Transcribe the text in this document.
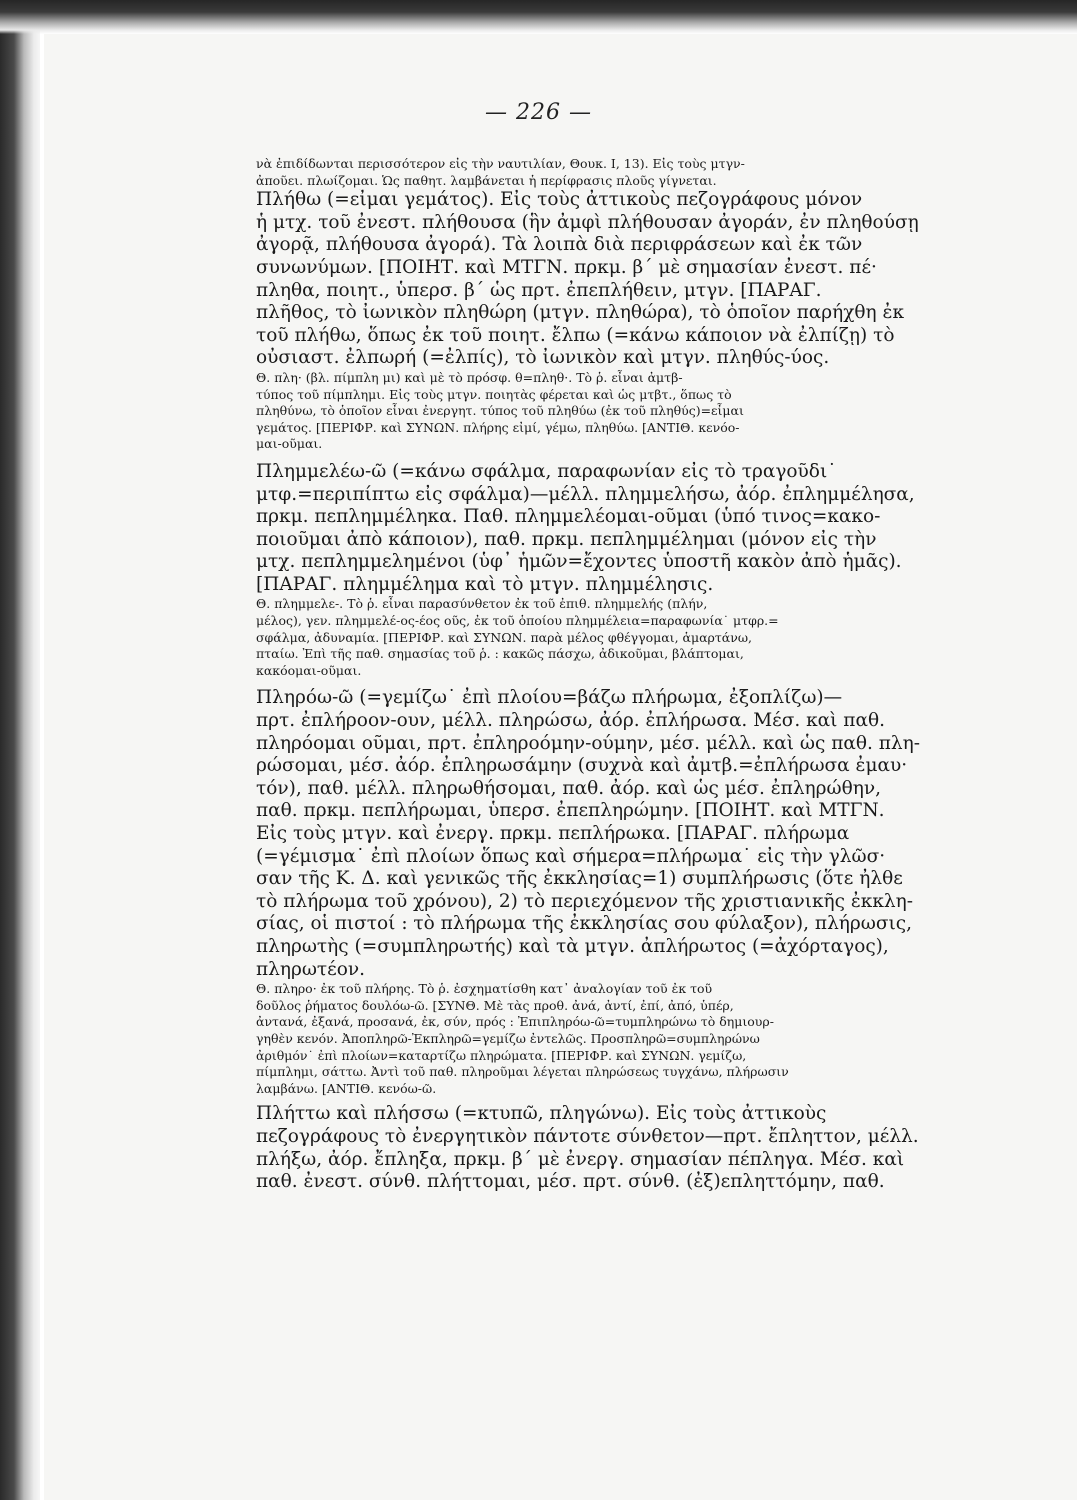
— 226 —
νὰ ἐπιδίδωνται περισσότερον εἰς τὴν ναυτιλίαν, Θουκ. Ι, 13). Εἰς τοὺς μτγν-
ἀποῦει. πλωίζομαι. Ὡς παθητ. λαμβάνεται ἡ περίφρασις πλοῦς γίγνεται.
Πλήθω (=εἶμαι γεμάτος). Εἰς τοὺς ἀττικοὺς πεζογράφους μόνον
ἡ μτχ. τοῦ ἐνεστ. πλήθουσα (ἣν ἀμφὶ πλήθουσαν ἀγοράν, ἐν πληθούσῃ
ἀγορᾷ, πλήθουσα ἀγορά). Τὰ λοιπὰ διὰ περιφράσεων καὶ ἐκ τῶν
συνωνύμων. [ΠΟΙΗΤ. καὶ ΜΤΓΝ. πρκμ. β΄ μὲ σημασίαν ἐνεστ. πέ·
πληθα, ποιητ., ὑπερσ. β΄ ὡς πρτ. ἐπεπλήθειν, μτγν. [ΠΑΡΑΓ.
πλῆθος, τὸ ἰωνικὸν πληθώρη (μτγν. πληθώρα), τὸ ὁποῖον παρήχθη ἐκ
τοῦ πλήθω, ὅπως ἐκ τοῦ ποιητ. ἔλπω (=κάνω κάποιον νὰ ἐλπίζῃ) τὸ
οὐσιαστ. ἐλπωρή (=ἐλπίς), τὸ ἰωνικὸν καὶ μτγν. πληθύς-ύος.
Θ. πλη· (βλ. πίμπλη μι) καὶ μὲ τὸ πρόσφ. θ=πληθ·. Τὸ ῥ. εἶναι ἀμτβ-
τύπος τοῦ πίμπλημι. Εἰς τοὺς μτγν. ποιητὰς φέρεται καὶ ὡς μτβτ., ὅπως τὸ
πληθύνω, τὸ ὁποῖον εἶναι ἐνεργητ. τύπος τοῦ πληθύω (ἐκ τοῦ πληθύς)=εἶμαι
γεμάτος. [ΠΕΡΙΦΡ. καὶ ΣΥΝΩΝ. πλήρης εἰμί, γέμω, πληθύω. [ΑΝΤΙΘ. κενόο-
μαι-οῦμαι.
Πλημμελέω-ῶ (=κάνω σφάλμα, παραφωνίαν εἰς τὸ τραγοῦδι˙
μτφ.=περιπίπτω εἰς σφάλμα)—μέλλ. πλημμελήσω, ἀόρ. ἐπλημμέλησα,
πρκμ. πεπλημμέληκα. Παθ. πλημμελέομαι-οῦμαι (ὑπό τινος=κακο-
ποιοῦμαι ἀπὸ κάποιον), παθ. πρκμ. πεπλημμέλημαι (μόνον εἰς τὴν
μτχ. πεπλημμελημένοι (ὑφ᾽ ἡμῶν=ἔχοντες ὑποστῆ κακὸν ἀπὸ ἡμᾶς).
[ΠΑΡΑΓ. πλημμέλημα καὶ τὸ μτγν. πλημμέλησις.
Θ. πλημμελε-. Τὸ ῥ. εἶναι παρασύνθετον ἐκ τοῦ ἐπιθ. πλημμελής (πλήν,
μέλος), γεν. πλημμελέ-ος-έος οῦς, ἐκ τοῦ ὁποίου πλημμέλεια=παραφωνία˙ μτφρ.=
σφάλμα, ἀδυναμία. [ΠΕΡΙΦΡ. καὶ ΣΥΝΩΝ. παρὰ μέλος φθέγγομαι, ἁμαρτάνω,
πταίω. Ἐπὶ τῆς παθ. σημασίας τοῦ ῥ. : κακῶς πάσχω, ἀδικοῦμαι, βλάπτομαι,
κακόομαι-οῦμαι.
Πληρόω-ῶ (=γεμίζω˙ ἐπὶ πλοίου=βάζω πλήρωμα, ἐξοπλίζω)—
πρτ. ἐπλήροον-ουν, μέλλ. πληρώσω, ἀόρ. ἐπλήρωσα. Μέσ. καὶ παθ.
πληρόομαι οῦμαι, πρτ. ἐπληροόμην-ούμην, μέσ. μέλλ. καὶ ὡς παθ. πλη-
ρώσομαι, μέσ. ἀόρ. ἐπληρωσάμην (συχνὰ καὶ ἀμτβ.=ἐπλήρωσα ἐμαυ·
τόν), παθ. μέλλ. πληρωθήσομαι, παθ. ἀόρ. καὶ ὡς μέσ. ἐπληρώθην,
παθ. πρκμ. πεπλήρωμαι, ὑπερσ. ἐπεπληρώμην. [ΠΟΙΗΤ. καὶ ΜΤΓΝ.
Εἰς τοὺς μτγν. καὶ ἐνεργ. πρκμ. πεπλήρωκα. [ΠΑΡΑΓ. πλήρωμα
(=γέμισμα˙ ἐπὶ πλοίων ὅπως καὶ σήμερα=πλήρωμα˙ εἰς τὴν γλῶσ·
σαν τῆς Κ. Δ. καὶ γενικῶς τῆς ἐκκλησίας=1) συμπλήρωσις (ὅτε ἦλθε
τὸ πλήρωμα τοῦ χρόνου), 2) τὸ περιεχόμενον τῆς χριστιανικῆς ἐκκλη-
σίας, οἱ πιστοί : τὸ πλήρωμα τῆς ἐκκλησίας σου φύλαξον), πλήρωσις,
πληρωτὴς (=συμπληρωτής) καὶ τὰ μτγν. ἀπλήρωτος (=ἀχόρταγος),
πληρωτέον.
Θ. πληρο· ἐκ τοῦ πλήρης. Τὸ ῥ. ἐσχηματίσθη κατ᾽ ἀναλογίαν τοῦ ἐκ τοῦ
δοῦλος ῥήματος δουλόω-ῶ. [ΣΥΝΘ. Μὲ τὰς προθ. ἀνά, ἀντί, ἐπί, ἀπό, ὑπέρ,
ἀντανά, ἐξανά, προσανά, ἐκ, σύν, πρός : Ἐπιπληρόω-ῶ=τυμπληρώνω τὸ δημιουρ-
γηθὲν κενόν. Ἀποπληρῶ-Ἐκπληρῶ=γεμίζω ἐντελῶς. Προσπληρῶ=συμπληρώνω
ἀριθμόν˙ ἐπὶ πλοίων=καταρτίζω πληρώματα. [ΠΕΡΙΦΡ. καὶ ΣΥΝΩΝ. γεμίζω,
πίμπλημι, σάττω. Ἀντὶ τοῦ παθ. πληροῦμαι λέγεται πληρώσεως τυγχάνω, πλήρωσιν
λαμβάνω. [ΑΝΤΙΘ. κενόω-ῶ.
Πλήττω καὶ πλήσσω (=κτυπῶ, πληγώνω). Εἰς τοὺς ἀττικοὺς
πεζογράφους τὸ ἐνεργητικὸν πάντοτε σύνθετον—πρτ. ἔπληττον, μέλλ.
πλήξω, ἀόρ. ἔπληξα, πρκμ. β΄ μὲ ἐνεργ. σημασίαν πέπληγα. Μέσ. καὶ
παθ. ἐνεστ. σύνθ. πλήττομαι, μέσ. πρτ. σύνθ. (ἐξ)επληττόμην, παθ.
